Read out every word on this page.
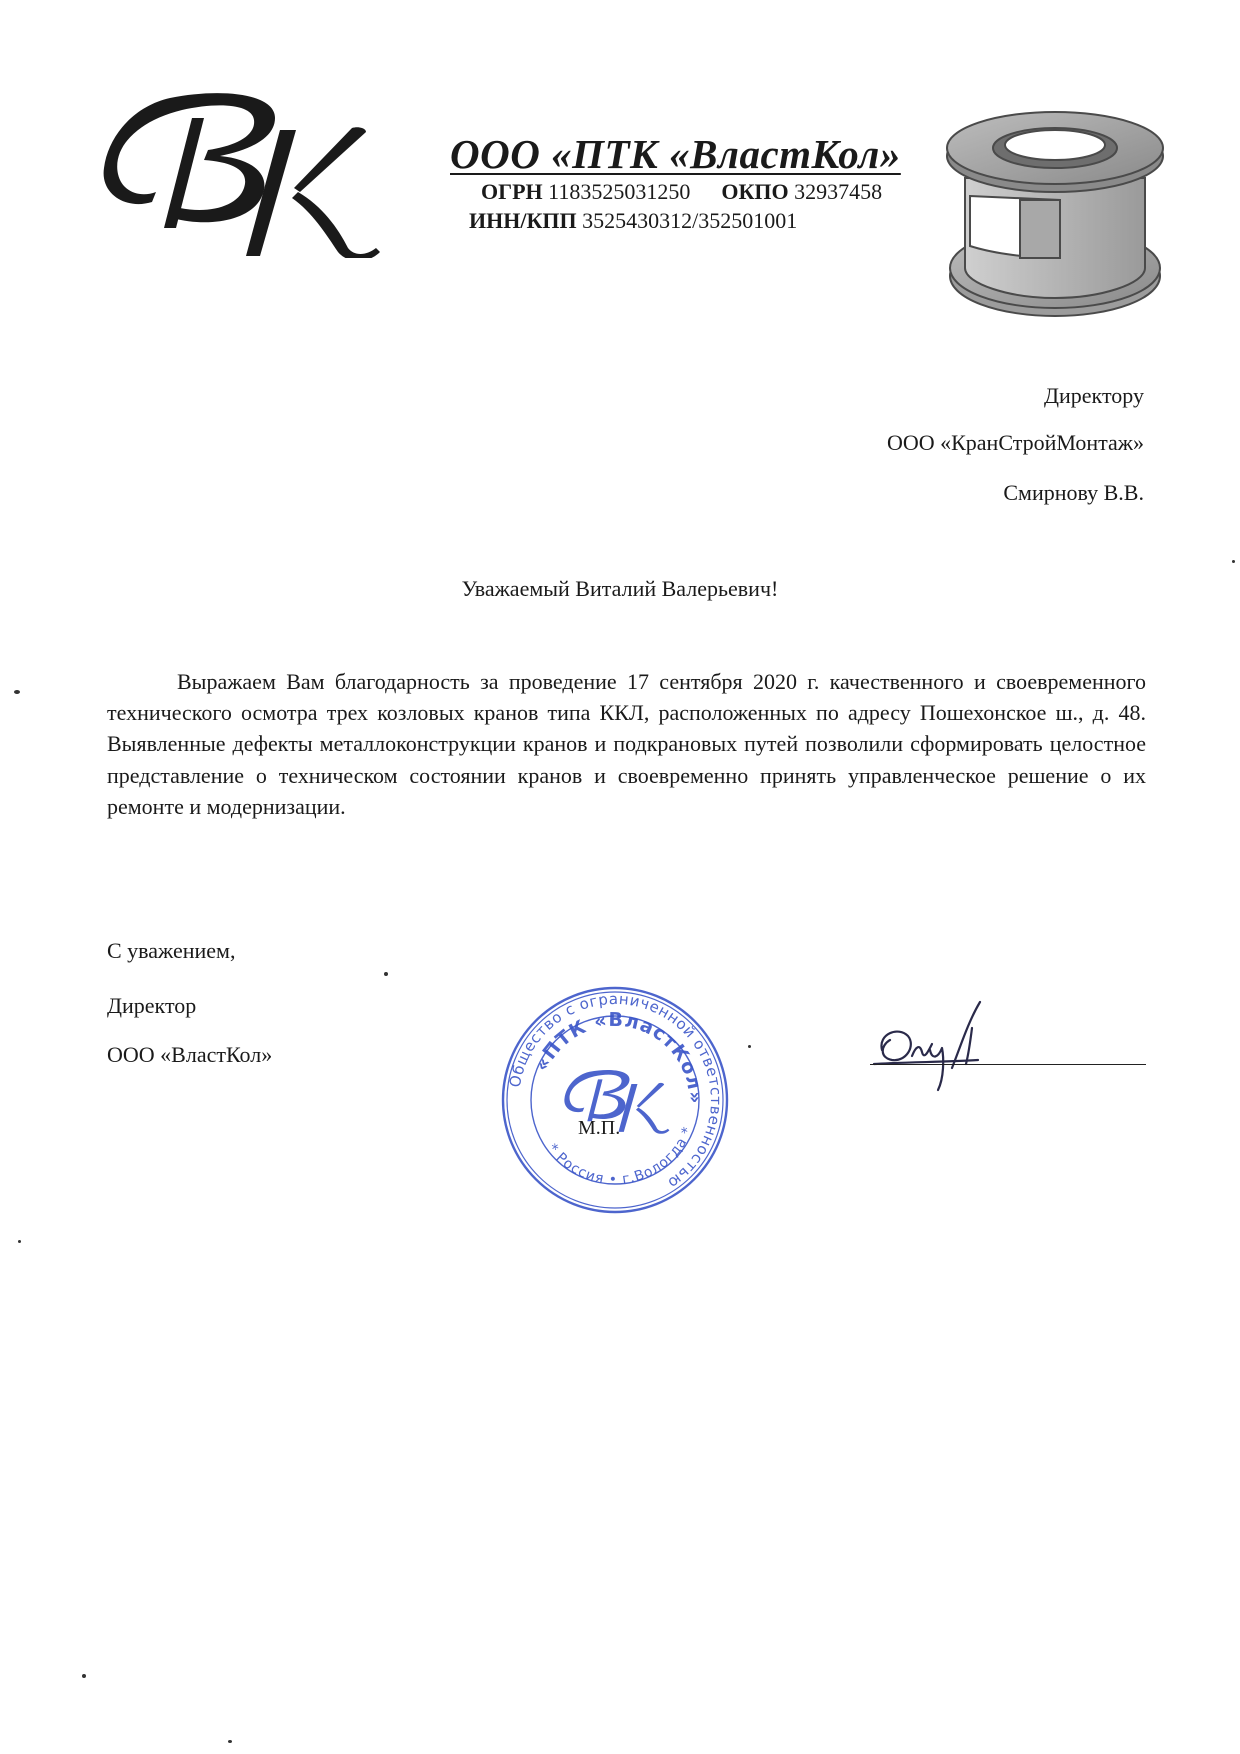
ООО «ПТК «ВластКол»
ОГРН 1183525031250 ОКПО 32937458
ИНН/КПП 3525430312/352501001
Директору
ООО «КранСтройМонтаж»
Смирнову В.В.
Уважаемый Виталий Валерьевич!
Выражаем Вам благодарность за проведение 17 сентября 2020 г. качественного и своевременного технического осмотра трех козловых кранов типа ККЛ, расположенных по адресу Пошехонское ш., д. 48. Выявленные дефекты металлоконструкции кранов и подкрановых путей позволили сформировать целостное представление о техническом состоянии кранов и своевременно принять управленческое решение о их ремонте и модернизации.
С уважением,
Директор
ООО «ВластКол»
Общество с ограниченной ответственностью
«ПТК «ВластКол»
* Россия • г.Вологда *
М.П.
